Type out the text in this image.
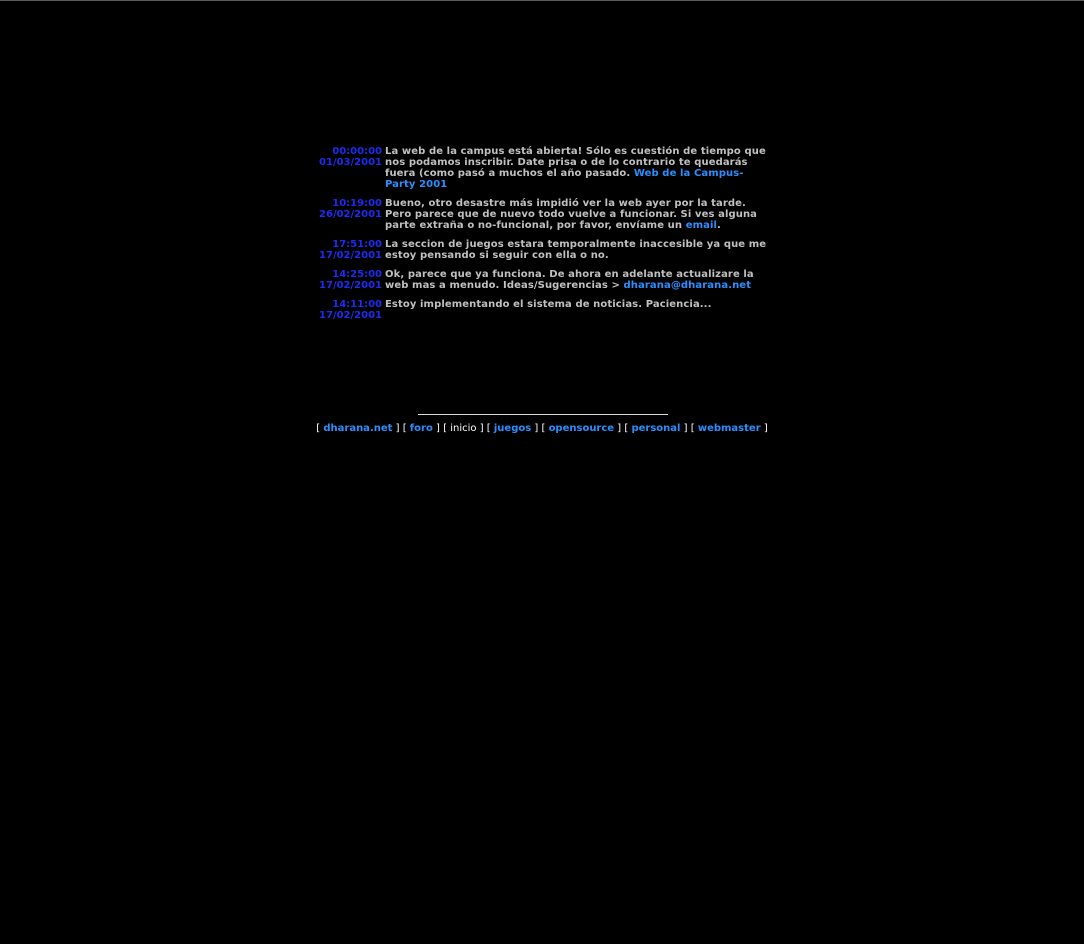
00:00:00
01/03/2001	La web de la campus está abierta! Sólo es cuestión de tiempo que nos podamos inscribir. Date prisa o de lo contrario te quedarás fuera (como pasó a muchos el año pasado. Web de la Campus-Party 2001

10:19:00
26/02/2001	Bueno, otro desastre más impidió ver la web ayer por la tarde. Pero parece que de nuevo todo vuelve a funcionar. Si ves alguna parte extraña o no-funcional, por favor, envíame un email.

17:51:00
17/02/2001	La seccion de juegos estara temporalmente inaccesible ya que me estoy pensando si seguir con ella o no.

14:25:00
17/02/2001	Ok, parece que ya funciona. De ahora en adelante actualizare la web mas a menudo. Ideas/Sugerencias > dharana@dharana.net

14:11:00
17/02/2001	Estoy implementando el sistema de noticias. Paciencia...
[ dharana.net ] [ foro ] [ inicio ] [ juegos ] [ opensource ] [ personal ] [ webmaster ]
